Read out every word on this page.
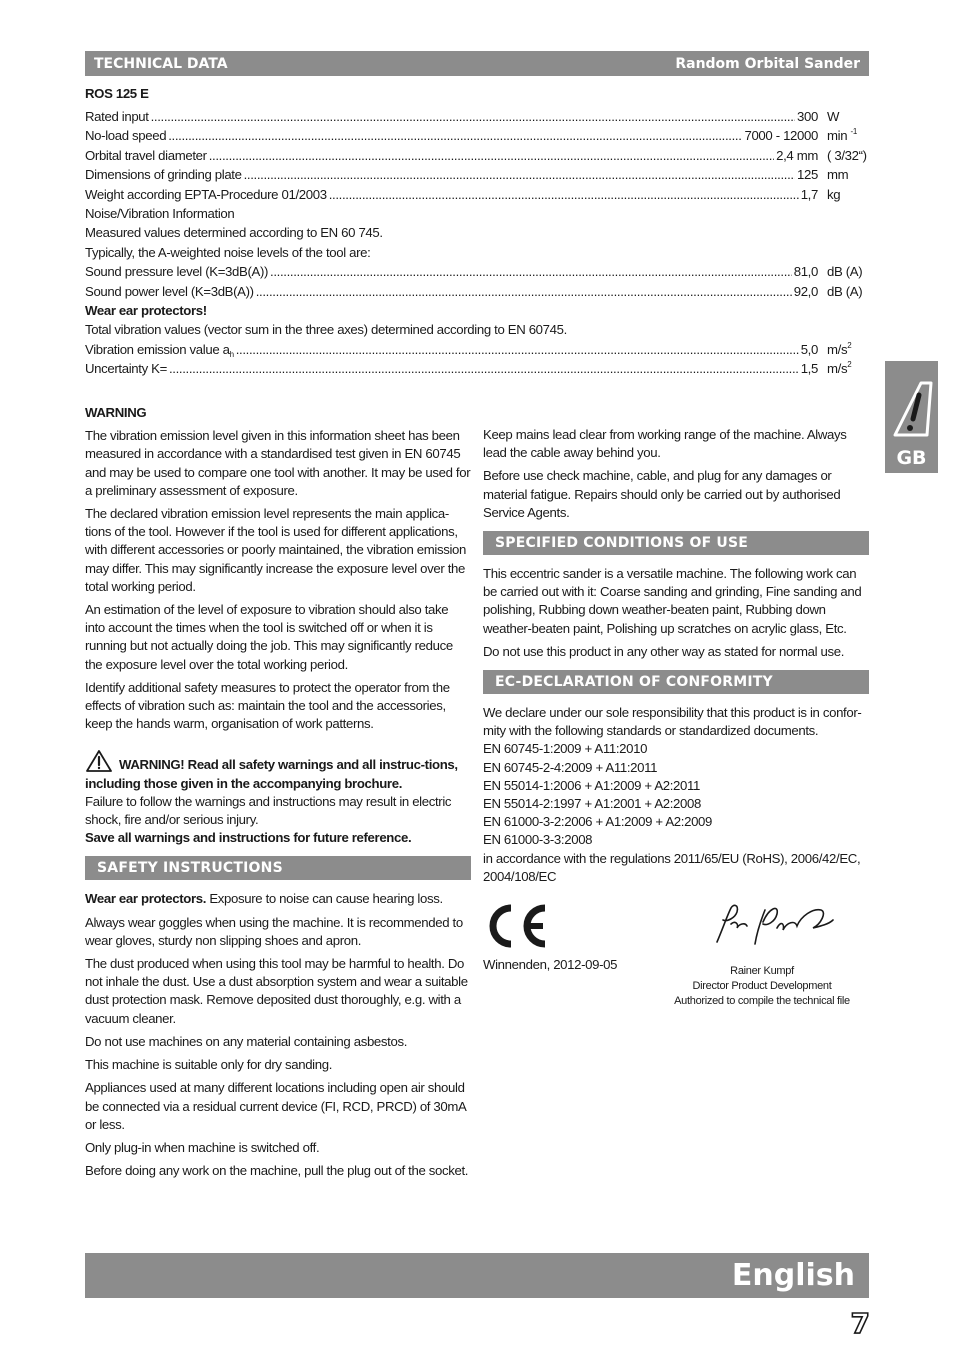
TECHNICAL DATA	Random Orbital Sander
ROS 125 E
Rated input .....	300 W
No-load speed .....	7000 - 12000 min $^{-1}$
Orbital travel diameter .....	2,4 mm ( 3/32“)
Dimensions of grinding plate .....	125 mm
Weight according EPTA-Procedure 01/2003 .....	1,7 kg
Noise/Vibration Information
Measured values determined according to EN 60 745.
Typically, the A-weighted noise levels of the tool are:
Sound pressure level (K=3dB(A)) .....	81,0 dB (A)
Sound power level (K=3dB(A)) .....	92,0 dB (A)
Wear ear protectors!
Total vibration values (vector sum in the three axes) determined according to EN 60745.
Vibration emission value $a_h$ .....	5,0 $m/s^2$
Uncertainty K= .....	1,5 $m/s^2$
GB
WARNING

The vibration emission level given in this information sheet has been measured in accordance with a standardised test given in EN 60745 and may be used to compare one tool with another. It may be used for a preliminary assessment of exposure.

The declared vibration emission level represents the main applica-tions of the tool. However if the tool is used for different applications, with different accessories or poorly maintained, the vibration emission may differ. This may significantly increase the exposure level over the total working period.

An estimation of the level of exposure to vibration should also take into account the times when the tool is switched off or when it is running but not actually doing the job. This may significantly reduce the exposure level over the total working period.

Identify additional safety measures to protect the operator from the effects of vibration such as: maintain the tool and the accessories, keep the hands warm, organisation of work patterns.

WARNING! Read all safety warnings and all instruc-tions, including those given in the accompanying brochure.
Failure to follow the warnings and instructions may result in electric shock, fire and/or serious injury.
Save all warnings and instructions for future reference.
SAFETY INSTRUCTIONS

Wear ear protectors. Exposure to noise can cause hearing loss.

Always wear goggles when using the machine. It is recommended to wear gloves, sturdy non slipping shoes and apron.

The dust produced when using this tool may be harmful to health. Do not inhale the dust. Use a dust absorption system and wear a suitable dust protection mask. Remove deposited dust thoroughly, e.g. with a vacuum cleaner.

Do not use machines on any material containing asbestos.

This machine is suitable only for dry sanding.

Appliances used at many different locations including open air should be connected via a residual current device (FI, RCD, PRCD) of 30mA or less.

Only plug-in when machine is switched off.

Before doing any work on the machine, pull the plug out of the socket.

Keep mains lead clear from working range of the machine. Always lead the cable away behind you.

Before use check machine, cable, and plug for any damages or material fatigue. Repairs should only be carried out by authorised Service Agents.

SPECIFIED CONDITIONS OF USE

This eccentric sander is a versatile machine. The following work can be carried out with it: Coarse sanding and grinding, Fine sanding and polishing, Rubbing down weather-beaten paint, Rubbing down weather-beaten paint, Polishing up scratches on acrylic glass, Etc.

Do not use this product in any other way as stated for normal use.

EC-DECLARATION OF CONFORMITY
We declare under our sole responsibility that this product is in confor-mity with the following standards or standardized documents.
EN 60745-1:2009 + A11:2010
EN 60745-2-4:2009 + A11:2011
EN 55014-1:2006 + A1:2009 + A2:2011
EN 55014-2:1997 + A1:2001 + A2:2008
EN 61000-3-2:2006 + A1:2009 + A2:2009
EN 61000-3-3:2008
in accordance with the regulations 2011/65/EU (RoHS), 2006/42/EC, 2004/108/EC
Winnenden, 2012-09-05	Rainer Kumpf
Director Product Development
Authorized to compile the technical file
English
7
